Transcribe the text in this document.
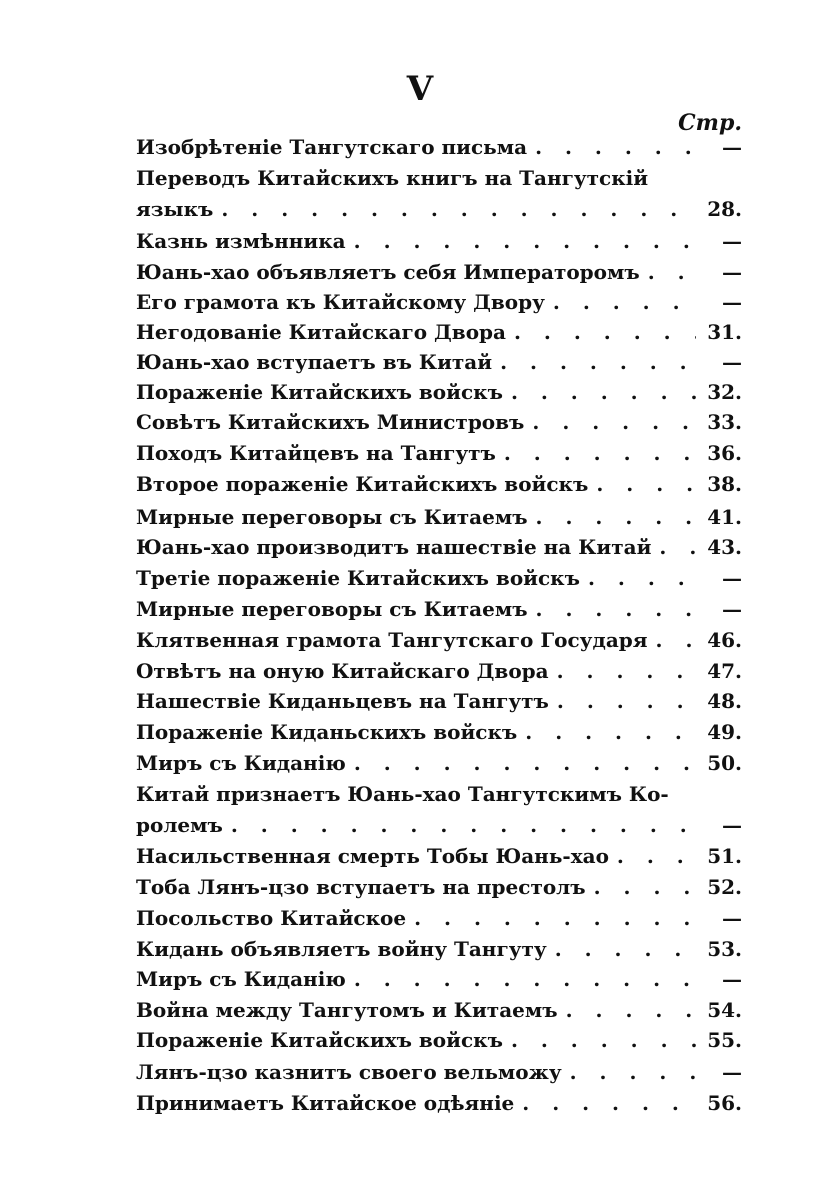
V
Стр.
Изобрѣтеніе Тангутскаго письма . . .	—
Переводъ Китайскихъ книгъ на Тангутскій
языкъ . . .	28.
Казнь измѣнника . . .	—
Юань-хао объявляетъ себя Императоромъ . . .	—
Его грамота къ Китайскому Двору . . .	—
Негодованіе Китайскаго Двора . . .	31.
Юань-хао вступаетъ въ Китай . . .	—
Пораженіе Китайскихъ войскъ . . .	32.
Совѣтъ Китайскихъ Министровъ . . .	33.
Походъ Китайцевъ на Тангутъ . . .	36.
Второе пораженіе Китайскихъ войскъ . . .	38.
Мирные переговоры съ Китаемъ . . .	41.
Юань-хао производитъ нашествіе на Китай . . .	43.
Третіе пораженіе Китайскихъ войскъ . . .	—
Мирные переговоры съ Китаемъ . . .	—
Клятвенная грамота Тангутскаго Государя . . .	46.
Отвѣтъ на оную Китайскаго Двора . . .	47.
Нашествіе Киданьцевъ на Тангутъ . . .	48.
Пораженіе Киданьскихъ войскъ . . .	49.
Миръ съ Киданію . . .	50.
Китай признаетъ Юань-хао Тангутскимъ Ко-
ролемъ . . .	—
Насильственная смерть Тобы Юань-хао . . .	51.
Тоба Лянъ-цзо вступаетъ на престолъ . . .	52.
Посольство Китайское . . .	—
Кидань объявляетъ войну Тангуту . . .	53.
Миръ съ Киданію . . .	—
Война между Тангутомъ и Китаемъ . . .	54.
Пораженіе Китайскихъ войскъ . . .	55.
Лянъ-цзо казнитъ своего вельможу . . .	—
Принимаетъ Китайское одѣяніе . . .	56.
